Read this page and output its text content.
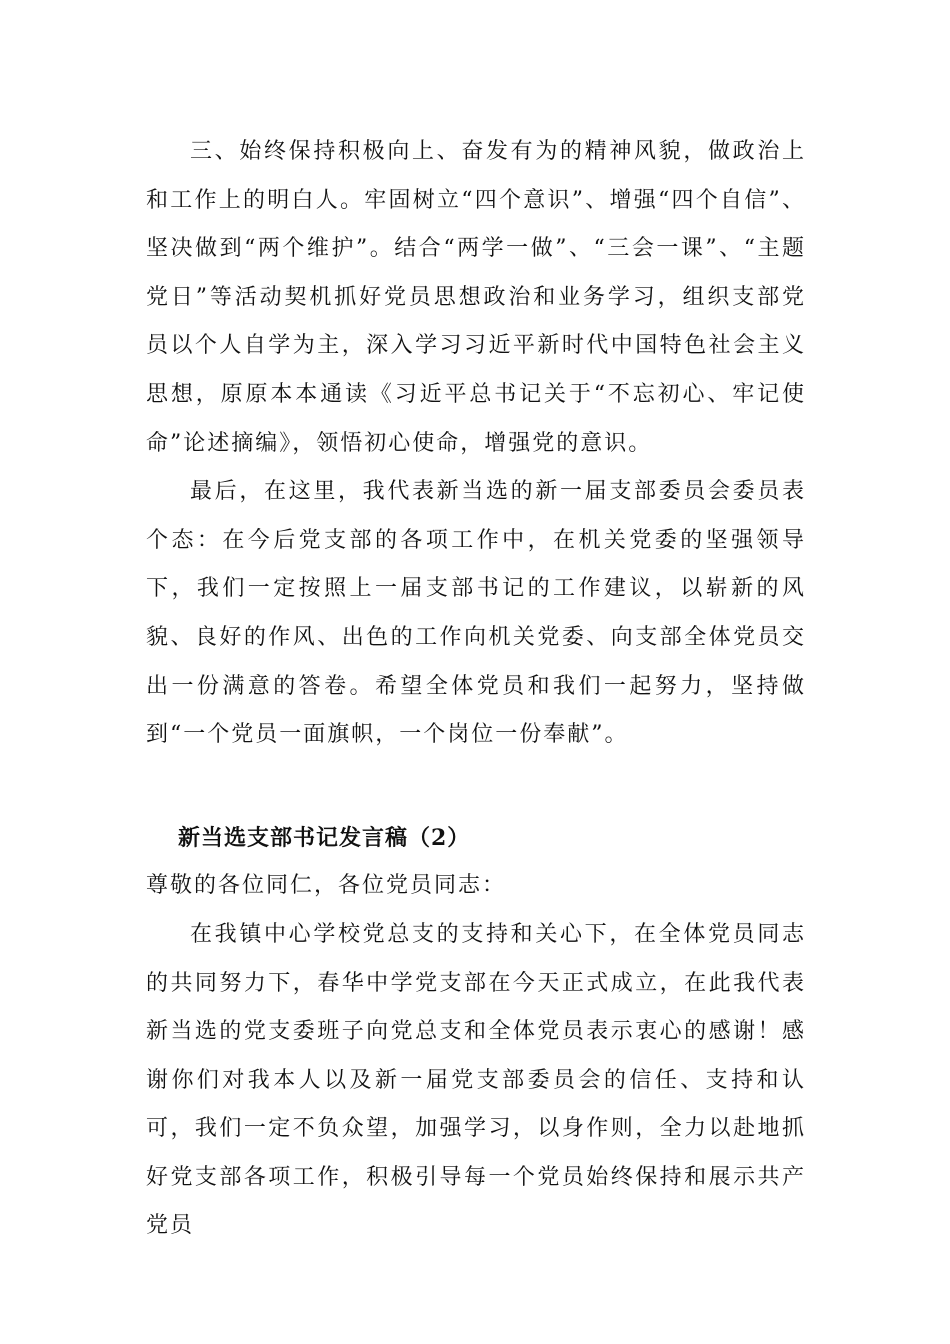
三、始终保持积极向上、奋发有为的精神风貌，做政治上和工作上的明白人。牢固树立“四个意识”、增强“四个自信”、坚决做到“两个维护”。结合“两学一做”、“三会一课”、“主题党日”等活动契机抓好党员思想政治和业务学习，组织支部党员以个人自学为主，深入学习习近平新时代中国特色社会主义思想，原原本本通读《习近平总书记关于“不忘初心、牢记使命”论述摘编》，领悟初心使命，增强党的意识。

最后，在这里，我代表新当选的新一届支部委员会委员表个态：在今后党支部的各项工作中，在机关党委的坚强领导下，我们一定按照上一届支部书记的工作建议，以崭新的风貌、良好的作风、出色的工作向机关党委、向支部全体党员交出一份满意的答卷。希望全体党员和我们一起努力，坚持做到“一个党员一面旗帜，一个岗位一份奉献”。

新当选支部书记发言稿（2）

尊敬的各位同仁，各位党员同志：

在我镇中心学校党总支的支持和关心下，在全体党员同志的共同努力下，春华中学党支部在今天正式成立，在此我代表新当选的党支委班子向党总支和全体党员表示衷心的感谢！感谢你们对我本人以及新一届党支部委员会的信任、支持和认可，我们一定不负众望，加强学习，以身作则，全力以赴地抓好党支部各项工作，积极引导每一个党员始终保持和展示共产党员
